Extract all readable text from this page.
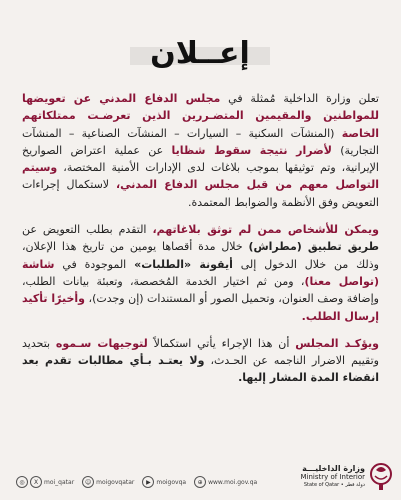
إعــلان

تعلن وزارة الداخلية مُمثلة في مجلس الدفاع المدني عن تعويضها للمواطنين والمقيمين المتضـررين الذين تعرضـت ممتلكاتهم الخاصة (المنشآت السكنية – السيارات – المنشآت الصناعية – المنشآت التجارية) لأضرار نتيجة سقوط شظايا عن عملية اعتراض الصواريخ الإيرانية، وتم توثيقها بموجب بلاغات لدى الإدارات الأمنية المختصة، وسيتم التواصل معهم من قبل مجلس الدفاع المدني، لاستكمال إجراءات التعويض وفق الأنظمة والضوابط المعتمدة.

ويمكن للأشخاص ممن لم توثق بلاغاتهم، التقدم بطلب التعويض عن طريق تطبيق (مطراش) خلال مدة أقصاها يومين من تاريخ هذا الإعلان، وذلك من خلال الدخول إلى أيقونة «الطلبات» الموجودة في شاشة (تواصل معنا)، ومن ثم اختيار الخدمة المُخصصة، وتعبئة بيانات الطلب، وإضافة وصف العنوان، وتحميل الصور أو المستندات (إن وجدت)، وأخيرًا تأكيد إرسال الطلب.

ويؤكـد المجلس أن هذا الإجراء يأتي استكمالاً لتوجيهات سـموه بتحديد وتقييم الاضرار الناجمه عن الحـدث، ولا يعتـد بـأي مطالبات تقدم بعد انقضاء المدة المشار إليها.

◎	X moi_qatar	☺ moigovqatar	▶ moigovqa	⊕ www.moi.gov.qa
وزارة الداخليـــة
Ministry of Interior
State of Qatar • دولة قطر
